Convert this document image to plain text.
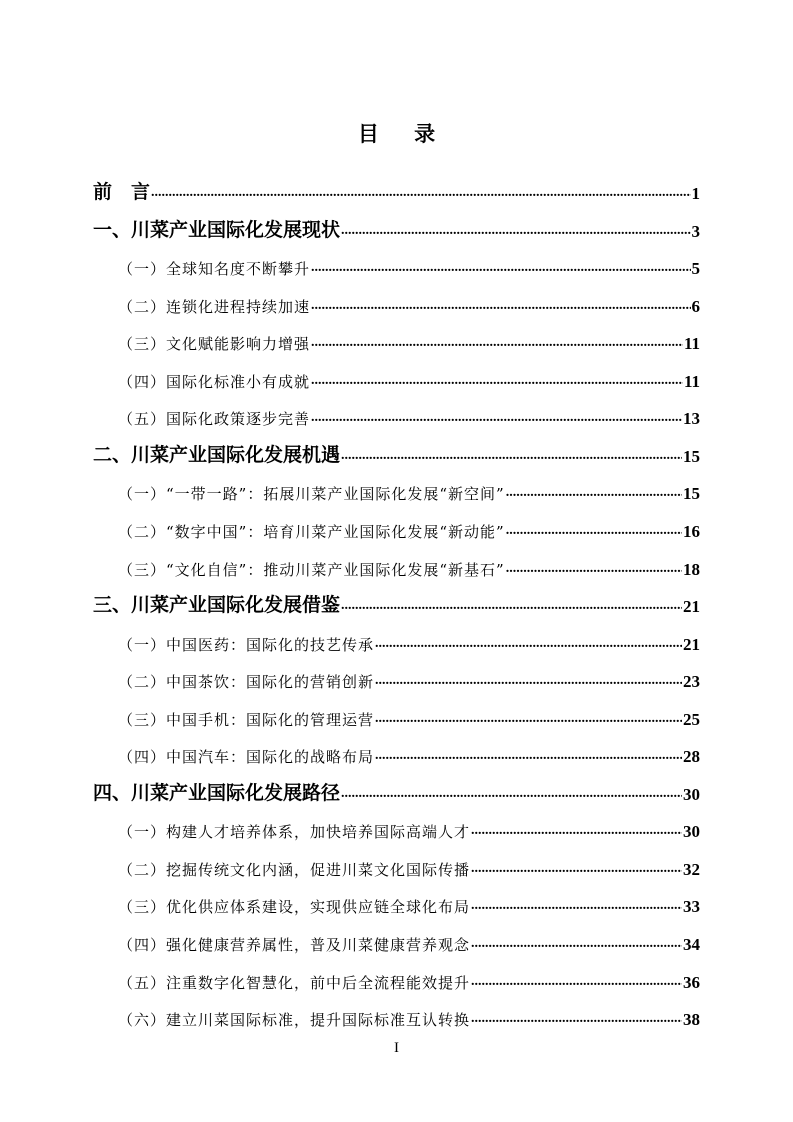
目 录
I
前　言 .....	1
一、川菜产业国际化发展现状 .....	3
（一）全球知名度不断攀升 .....	5
（二）连锁化进程持续加速 .....	6
（三）文化赋能影响力增强 .....	11
（四）国际化标准小有成就 .....	11
（五）国际化政策逐步完善 .....	13
二、川菜产业国际化发展机遇 .....	15
（一）“一带一路”：拓展川菜产业国际化发展“新空间” .....	15
（二）“数字中国”：培育川菜产业国际化发展“新动能” .....	16
（三）“文化自信”：推动川菜产业国际化发展“新基石” .....	18
三、川菜产业国际化发展借鉴 .....	21
（一）中国医药：国际化的技艺传承 .....	21
（二）中国茶饮：国际化的营销创新 .....	23
（三）中国手机：国际化的管理运营 .....	25
（四）中国汽车：国际化的战略布局 .....	28
四、川菜产业国际化发展路径 .....	30
（一）构建人才培养体系，加快培养国际高端人才 .....	30
（二）挖掘传统文化内涵，促进川菜文化国际传播 .....	32
（三）优化供应体系建设，实现供应链全球化布局 .....	33
（四）强化健康营养属性，普及川菜健康营养观念 .....	34
（五）注重数字化智慧化，前中后全流程能效提升 .....	36
（六）建立川菜国际标准，提升国际标准互认转换 .....	38
